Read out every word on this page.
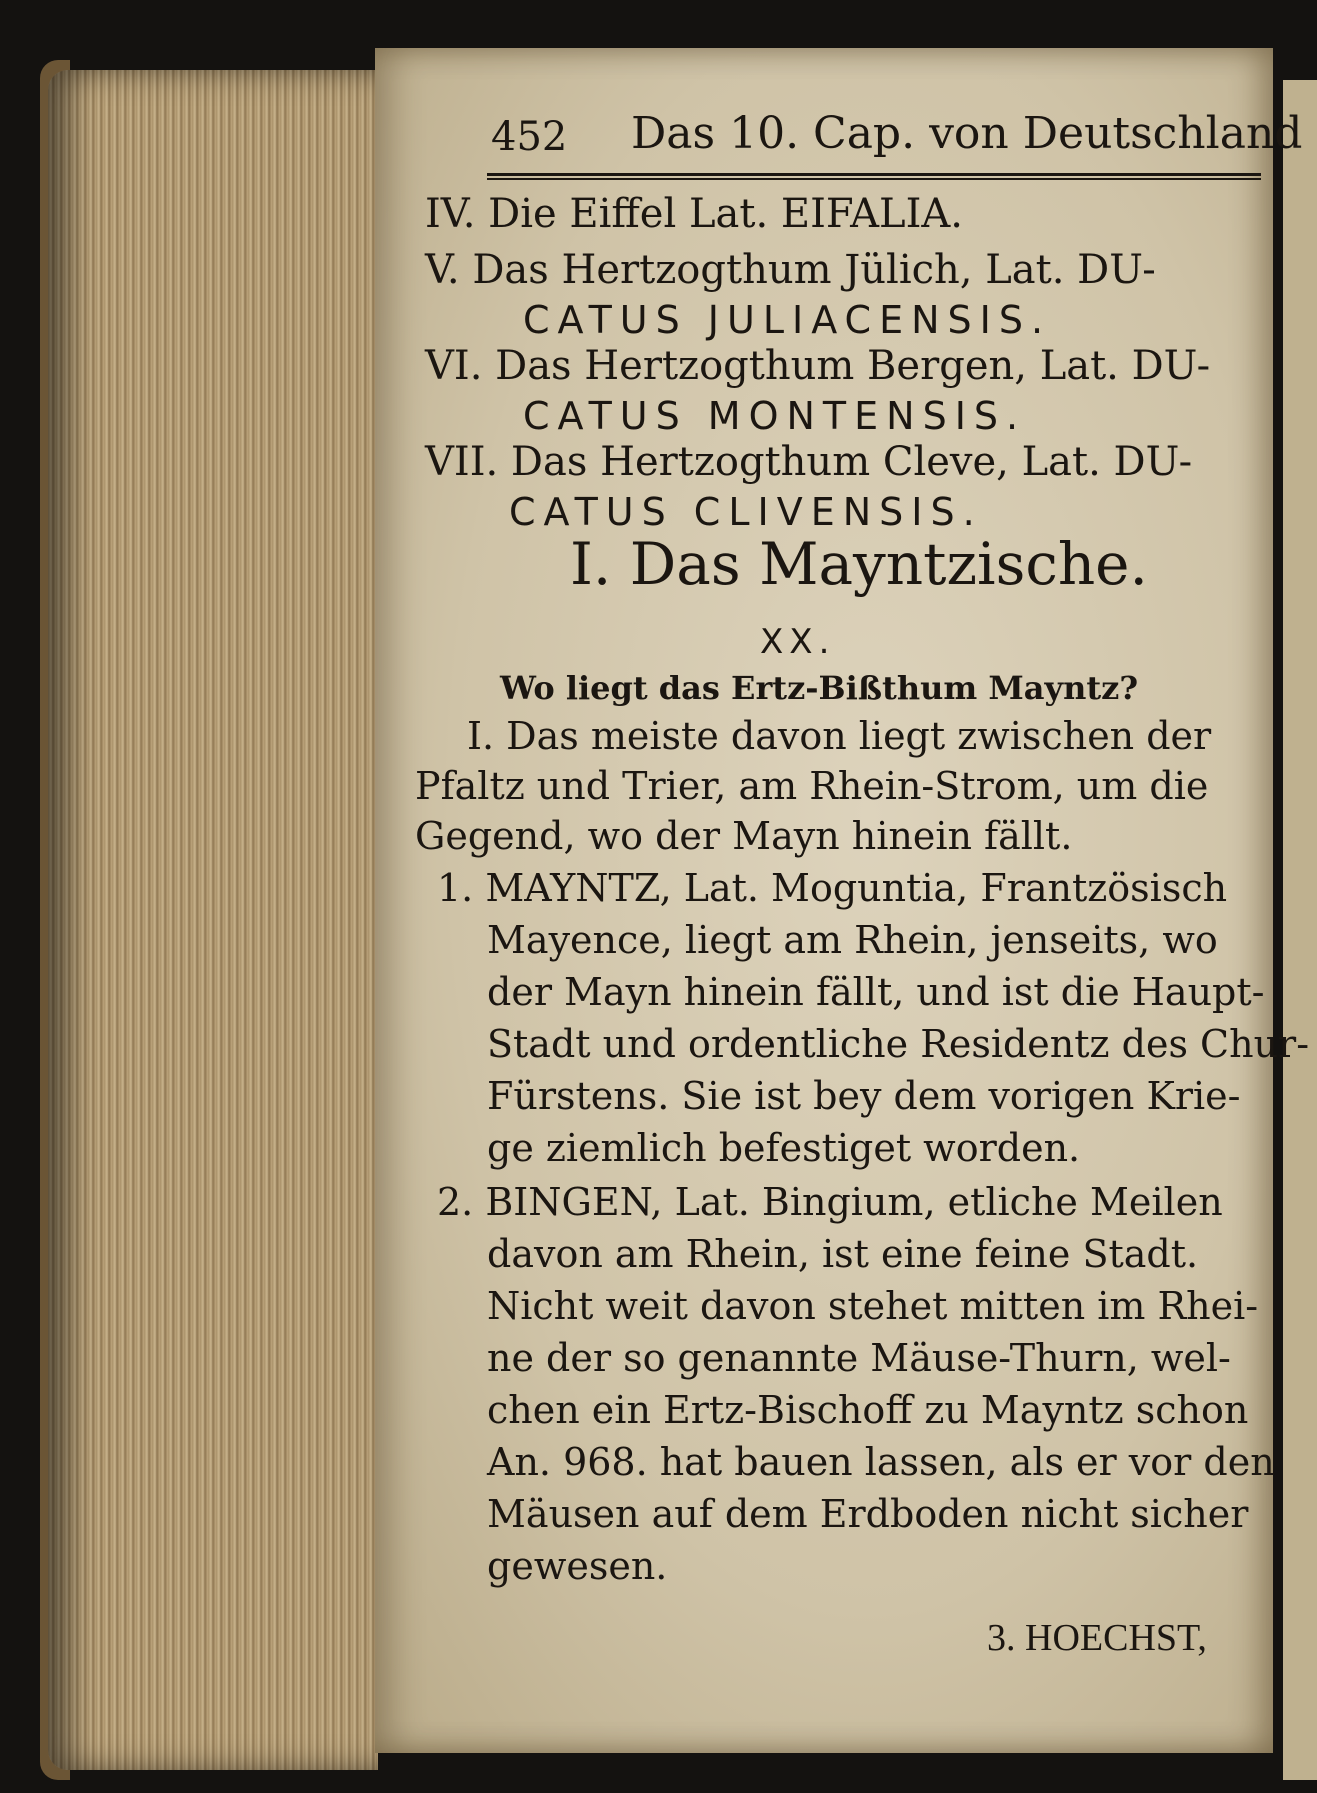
452 Das 10. Cap. von Deutschland
IV. Die Eiffel Lat. EIFALIA.
V. Das Hertzogthum Jülich, Lat. DU-
CATUS JULIACENSIS.
VI. Das Hertzogthum Bergen, Lat. DU-
CATUS MONTENSIS.
VII. Das Hertzogthum Cleve, Lat. DU-
CATUS CLIVENSIS.
I. Das Mayntzische.
XX.
Wo liegt das Ertz-Bißthum Mayntz?
I. Das meiste davon liegt zwischen der
Pfaltz und Trier, am Rhein-Strom, um die
Gegend, wo der Mayn hinein fällt.
1. MAYNTZ, Lat. Moguntia, Frantzösisch
Mayence, liegt am Rhein, jenseits, wo
der Mayn hinein fällt, und ist die Haupt-
Stadt und ordentliche Residentz des Chur-
Fürstens. Sie ist bey dem vorigen Krie-
ge ziemlich befestiget worden.
2. BINGEN, Lat. Bingium, etliche Meilen
davon am Rhein, ist eine feine Stadt.
Nicht weit davon stehet mitten im Rhei-
ne der so genannte Mäuse-Thurn, wel-
chen ein Ertz-Bischoff zu Mayntz schon
An. 968. hat bauen lassen, als er vor den
Mäusen auf dem Erdboden nicht sicher
gewesen.
3. HOECHST,
